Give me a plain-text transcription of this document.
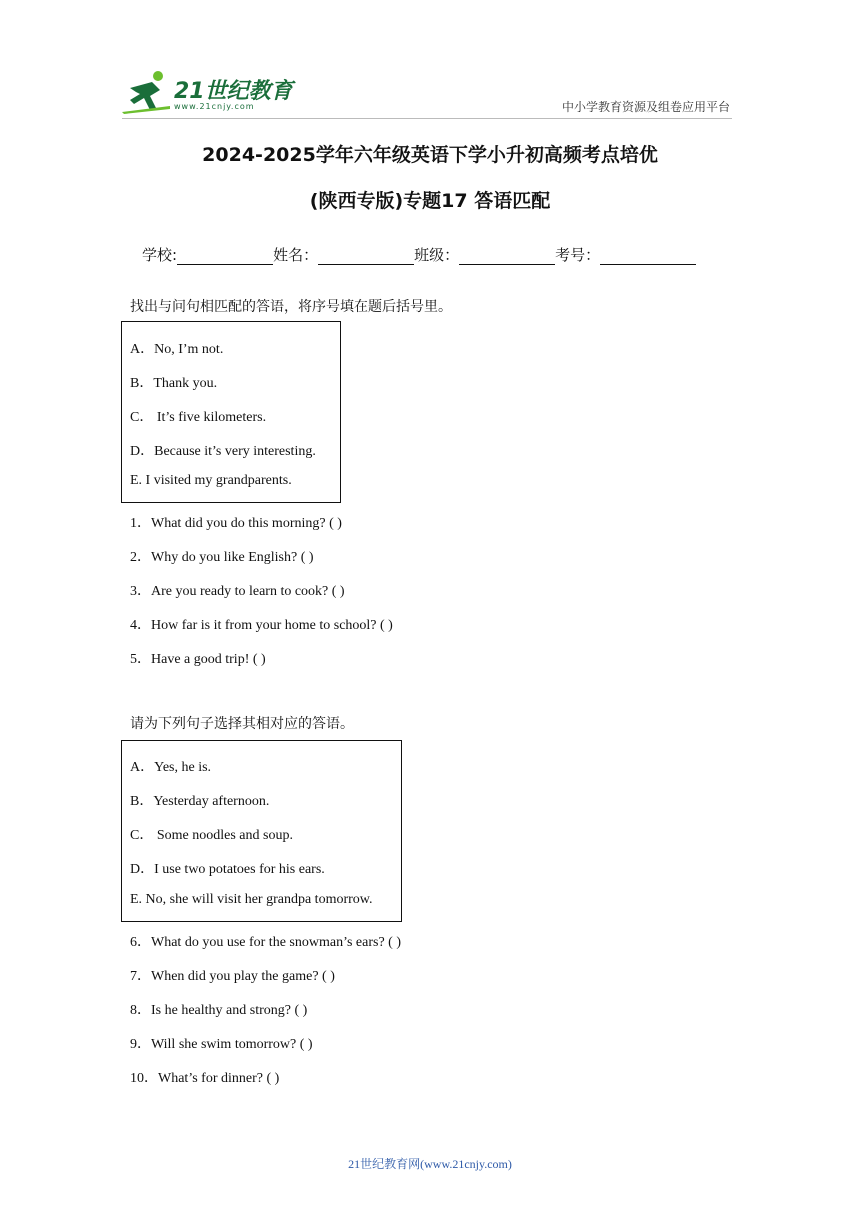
21世纪教育
www.21cnjy.com	中小学教育资源及组卷应用平台
2024-2025学年六年级英语下学小升初高频考点培优
(陕西专版)专题17 答语匹配
学校:	姓名：	班级：	考号：
找出与问句相匹配的答语，将序号填在题后括号里。
A．No, I’m not.
B．Thank you.
C． It’s five kilometers.
D．Because it’s very interesting.
E. I visited my grandparents.
1．What did you do this morning? ( )
2．Why do you like English? ( )
3．Are you ready to learn to cook? ( )
4．How far is it from your home to school? ( )
5．Have a good trip! ( )
请为下列句子选择其相对应的答语。
A．Yes, he is.
B．Yesterday afternoon.
C． Some noodles and soup.
D．I use two potatoes for his ears.
E. No, she will visit her grandpa tomorrow.
6．What do you use for the snowman’s ears? ( )
7．When did you play the game? ( )
8．Is he healthy and strong? ( )
9．Will she swim tomorrow? ( )
10．What’s for dinner? ( )
21世纪教育网(www.21cnjy.com)
